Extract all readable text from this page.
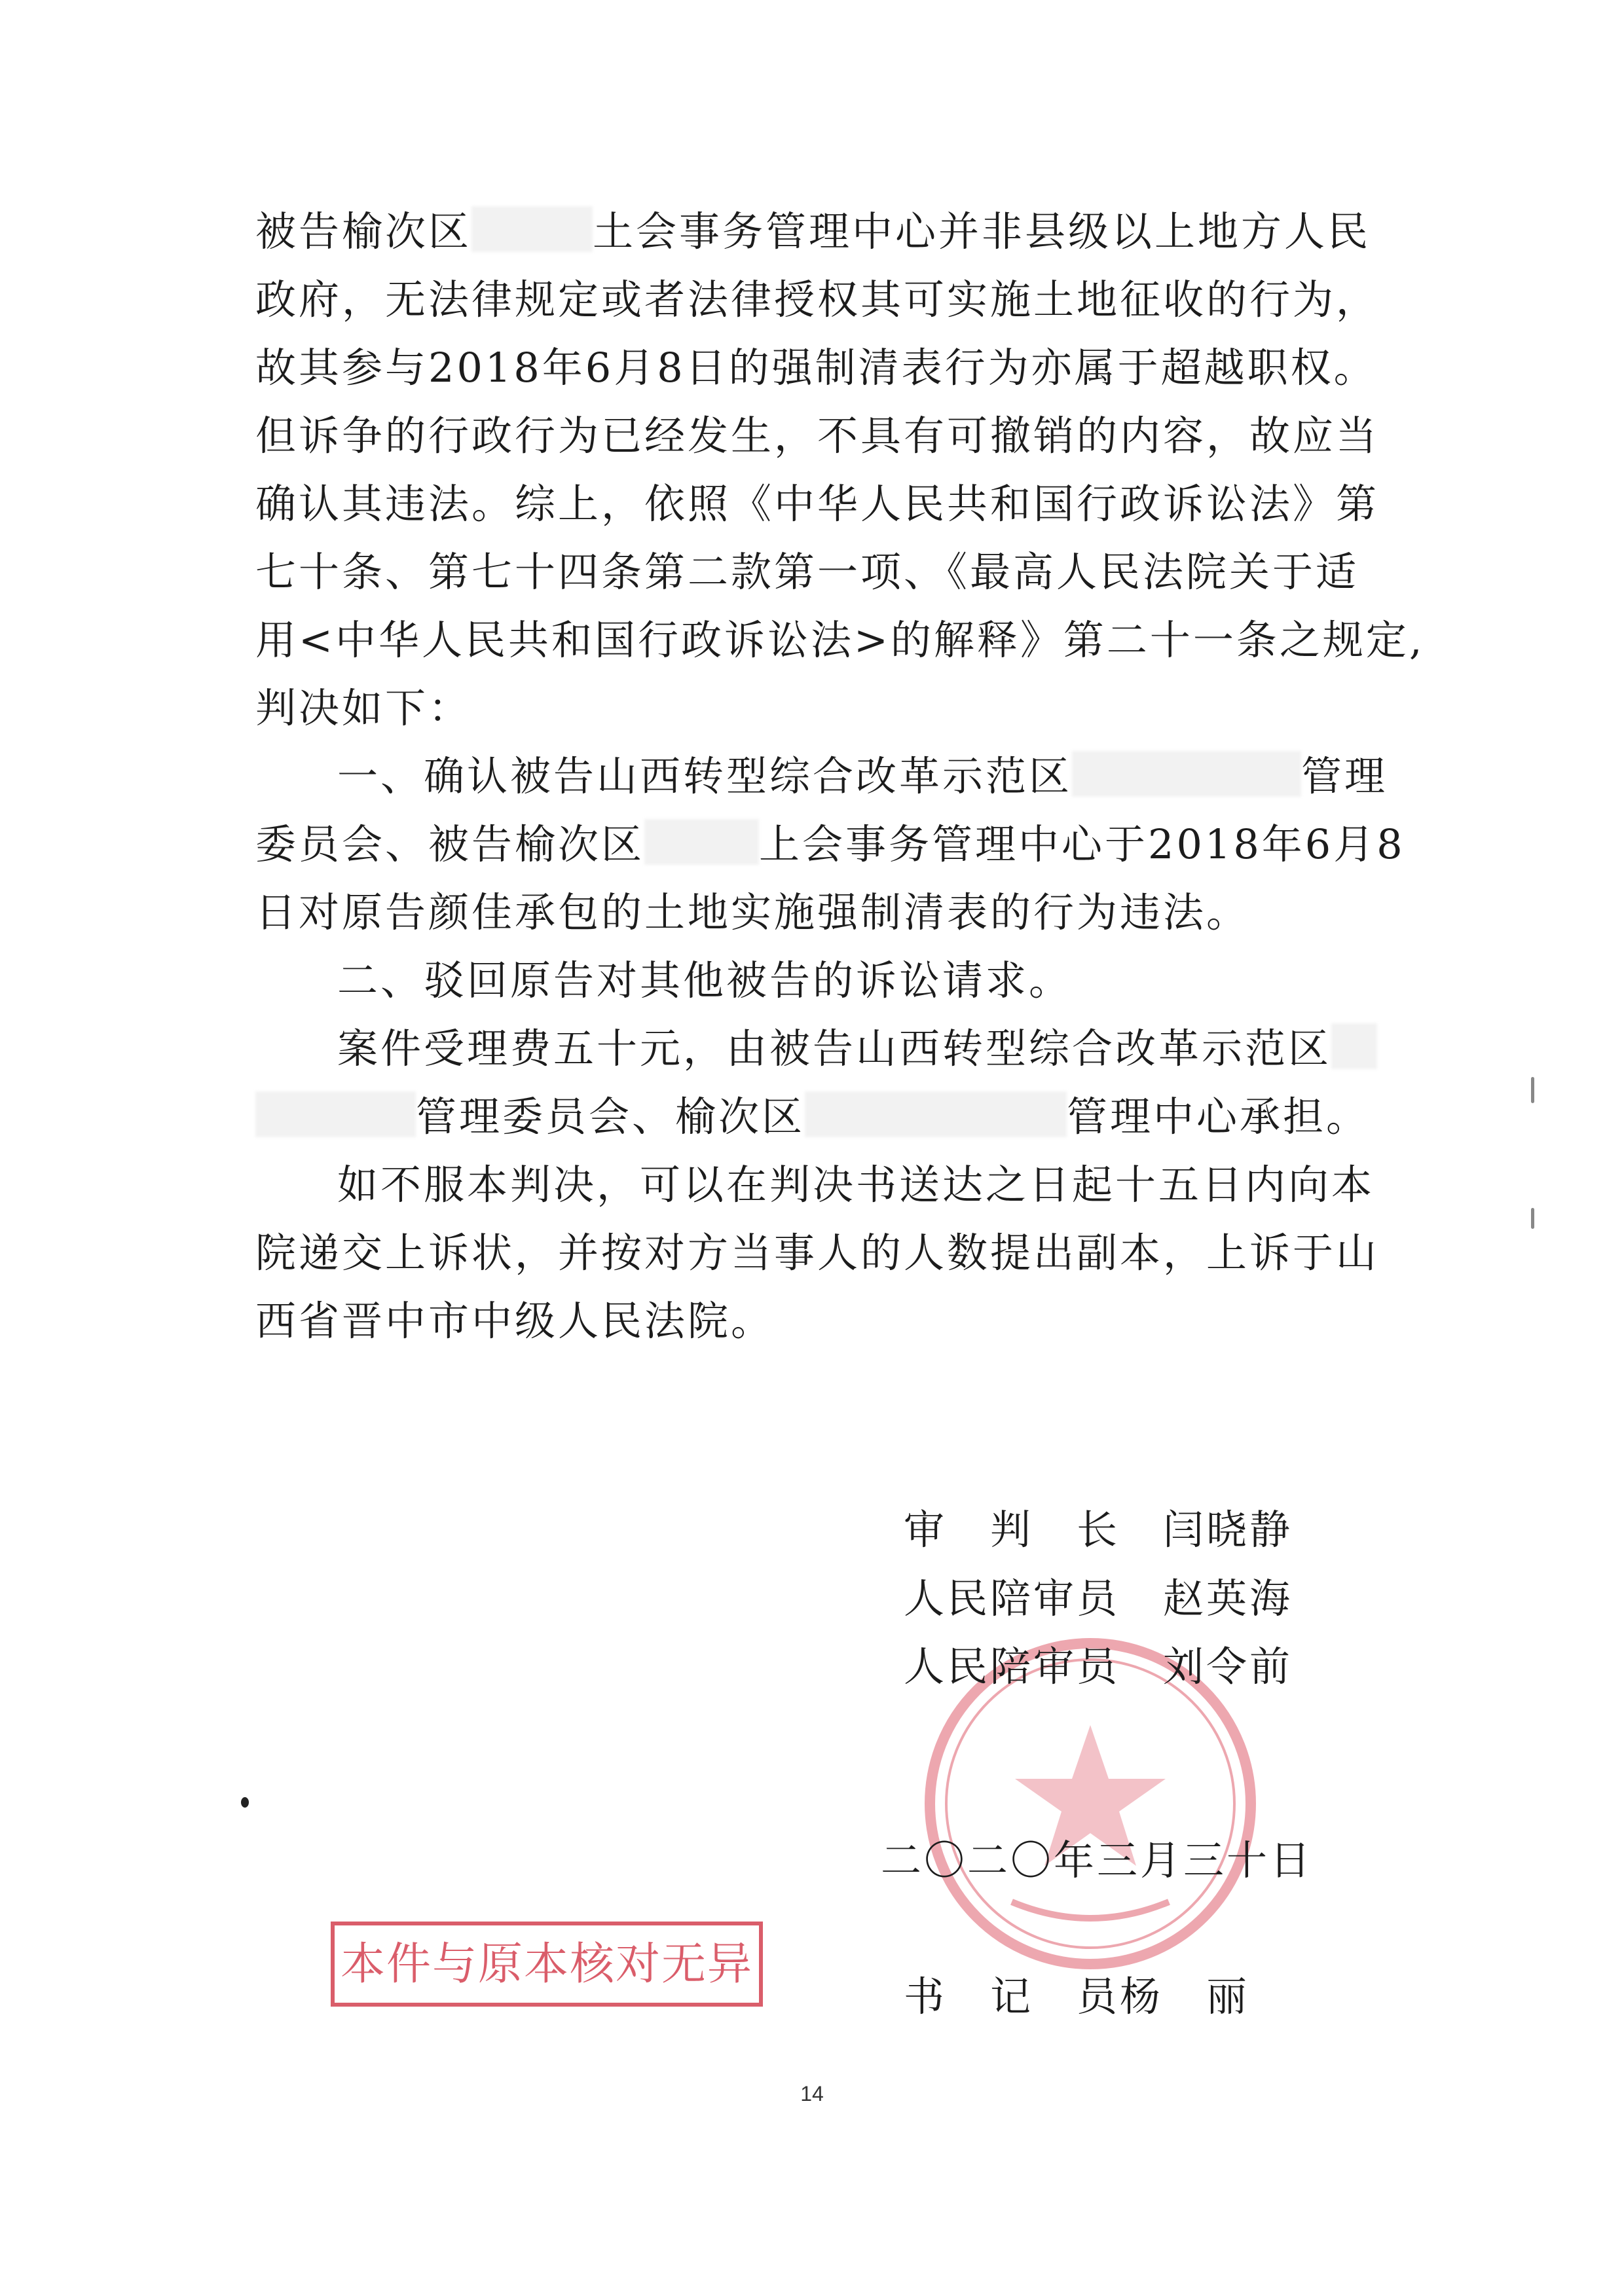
被告榆次区	土会事务管理中心并非县级以上地方人民
政府，无法律规定或者法律授权其可实施土地征收的行为，
故其参与2018年6月8日的强制清表行为亦属于超越职权。
但诉争的行政行为已经发生，不具有可撤销的内容，故应当
确认其违法。综上，依照《中华人民共和国行政诉讼法》第
七十条、第七十四条第二款第一项、《最高人民法院关于适
用<中华人民共和国行政诉讼法>的解释》第二十一条之规定,
判决如下：
一、确认被告山西转型综合改革示范区	管理
委员会、被告榆次区	上会事务管理中心于2018年6月8
日对原告颜佳承包的土地实施强制清表的行为违法。
二、驳回原告对其他被告的诉讼请求。
案件受理费五十元，由被告山西转型综合改革示范区
管理委员会、榆次区	管理中心承担。
如不服本判决，可以在判决书送达之日起十五日内向本
院递交上诉状，并按对方当事人的人数提出副本，上诉于山
西省晋中市中级人民法院。
审　判　长　闫晓静
人民陪审员　赵英海
人民陪审员　刘令前
二〇二〇年三月三十日
书　记　员杨　丽
本件与原本核对无异
14
